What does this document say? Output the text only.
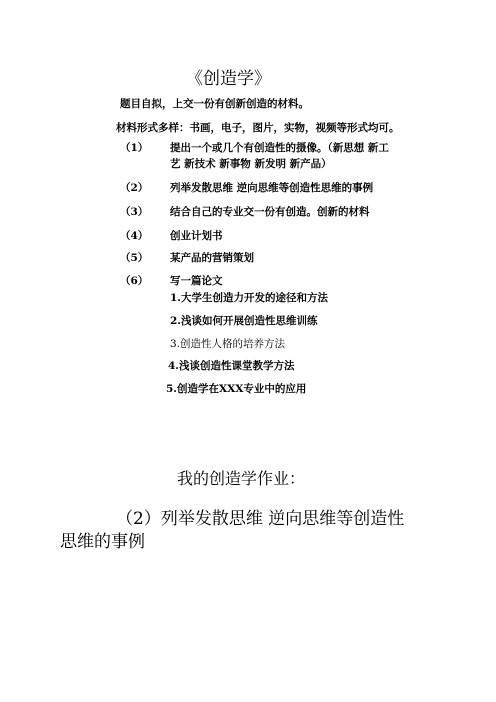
《创造学》
题目自拟，上交一份有创新创造的材料。
材料形式多样：书画，电子，图片，实物，视频等形式均可。
（1）	提出一个或几个有创造性的摄像。（新思想 新工
艺 新技术 新事物 新发明 新产品）
（2）	列举发散思维 逆向思维等创造性思维的事例
（3）	结合自己的专业交一份有创造。创新的材料
（4）	创业计划书
（5）	某产品的营销策划
（6）	写一篇论文
1.大学生创造力开发的途径和方法
2.浅谈如何开展创造性思维训练
3.创造性人格的培养方法
4.浅谈创造性课堂教学方法
5.创造学在XXX专业中的应用
我的创造学作业：
（2）列举发散思维 逆向思维等创造性
思维的事例
